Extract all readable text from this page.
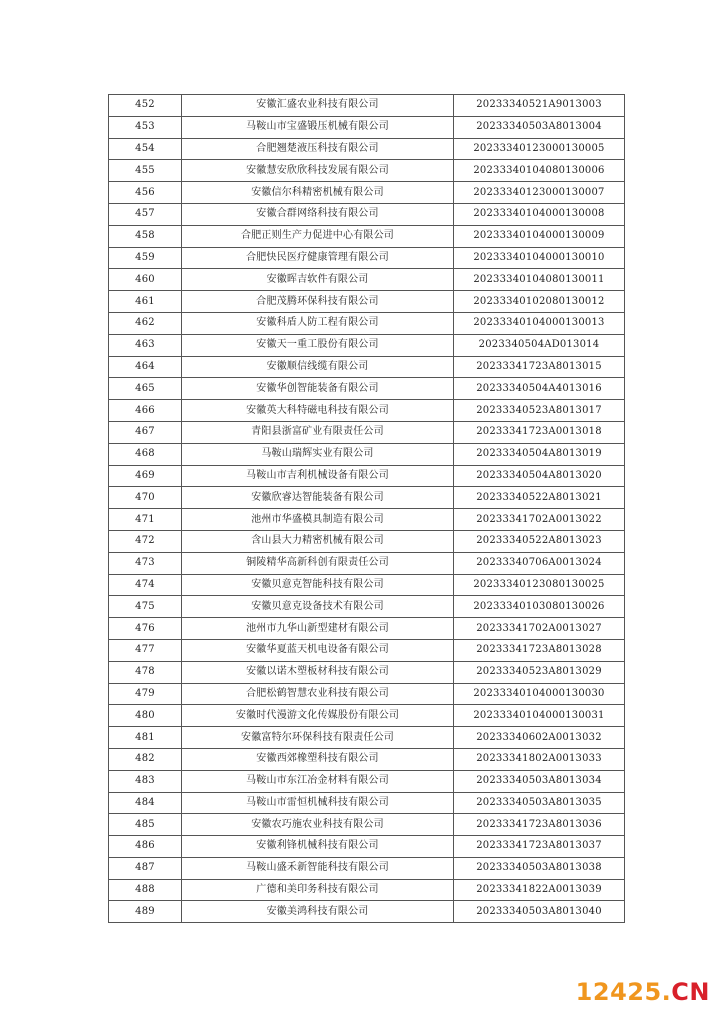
452	安徽汇盛农业科技有限公司	20233340521A9013003
453	马鞍山市宝盛锻压机械有限公司	20233340503A8013004
454	合肥翘楚液压科技有限公司	20233340123000130005
455	安徽慧安欣欣科技发展有限公司	20233340104080130006
456	安徽信尔科精密机械有限公司	20233340123000130007
457	安徽合群网络科技有限公司	20233340104000130008
458	合肥正则生产力促进中心有限公司	20233340104000130009
459	合肥快民医疗健康管理有限公司	20233340104000130010
460	安徽晖吉软件有限公司	20233340104080130011
461	合肥茂腾环保科技有限公司	20233340102080130012
462	安徽科盾人防工程有限公司	20233340104000130013
463	安徽天一重工股份有限公司	2023340504AD013014
464	安徽顺信线缆有限公司	20233341723A8013015
465	安徽华创智能装备有限公司	20233340504A4013016
466	安徽英大科特磁电科技有限公司	20233340523A8013017
467	青阳县浙富矿业有限责任公司	20233341723A0013018
468	马鞍山瑞辉实业有限公司	20233340504A8013019
469	马鞍山市吉利机械设备有限公司	20233340504A8013020
470	安徽欣睿达智能装备有限公司	20233340522A8013021
471	池州市华盛模具制造有限公司	20233341702A0013022
472	含山县大力精密机械有限公司	20233340522A8013023
473	铜陵精华高新科创有限责任公司	20233340706A0013024
474	安徽贝意克智能科技有限公司	20233340123080130025
475	安徽贝意克设备技术有限公司	20233340103080130026
476	池州市九华山新型建材有限公司	20233341702A0013027
477	安徽华夏蓝天机电设备有限公司	20233341723A8013028
478	安徽以诺木塑板材科技有限公司	20233340523A8013029
479	合肥松鹤智慧农业科技有限公司	20233340104000130030
480	安徽时代漫游文化传媒股份有限公司	20233340104000130031
481	安徽富特尔环保科技有限责任公司	20233340602A0013032
482	安徽西郊橡塑科技有限公司	20233341802A0013033
483	马鞍山市东江冶金材料有限公司	20233340503A8013034
484	马鞍山市雷恒机械科技有限公司	20233340503A8013035
485	安徽农巧施农业科技有限公司	20233341723A8013036
486	安徽利锋机械科技有限公司	20233341723A8013037
487	马鞍山盛禾新智能科技有限公司	20233340503A8013038
488	广德和美印务科技有限公司	20233341822A0013039
489	安徽美鸿科技有限公司	20233340503A8013040
12425.CN
